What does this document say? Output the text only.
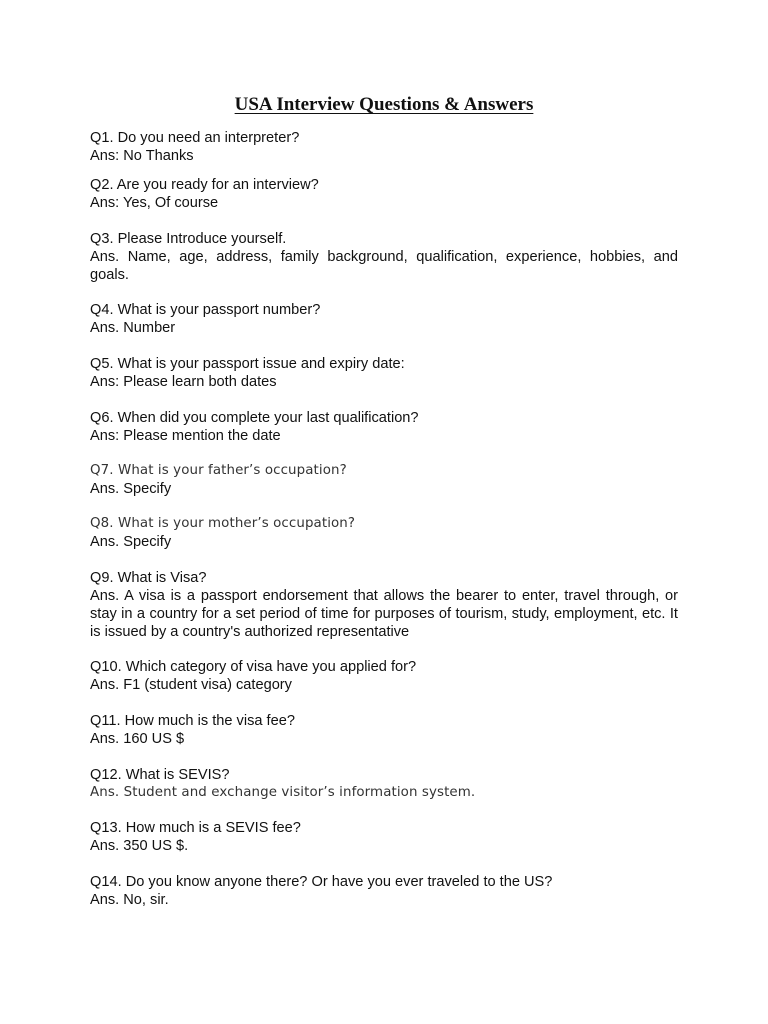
USA Interview Questions & Answers
Q1. Do you need an interpreter?
Ans: No Thanks
Q2. Are you ready for an interview?
Ans: Yes, Of course
Q3. Please Introduce yourself.
Ans. Name, age, address, family background, qualification, experience, hobbies, and goals.
Q4. What is your passport number?
Ans. Number
Q5. What is your passport issue and expiry date:
Ans: Please learn both dates
Q6. When did you complete your last qualification?
Ans: Please mention the date
Q7. What is your father’s occupation?
Ans. Specify
Q8. What is your mother’s occupation?
Ans. Specify
Q9. What is Visa?
Ans. A visa is a passport endorsement that allows the bearer to enter, travel through, or stay in a country for a set period of time for purposes of tourism, study, employment, etc. It is issued by a country's authorized representative
Q10. Which category of visa have you applied for?
Ans. F1 (student visa) category
Q11. How much is the visa fee?
Ans. 160 US $
Q12. What is SEVIS?
Ans. Student and exchange visitor’s information system.
Q13. How much is a SEVIS fee?
Ans. 350 US $.
Q14. Do you know anyone there? Or have you ever traveled to the US?
Ans. No, sir.
